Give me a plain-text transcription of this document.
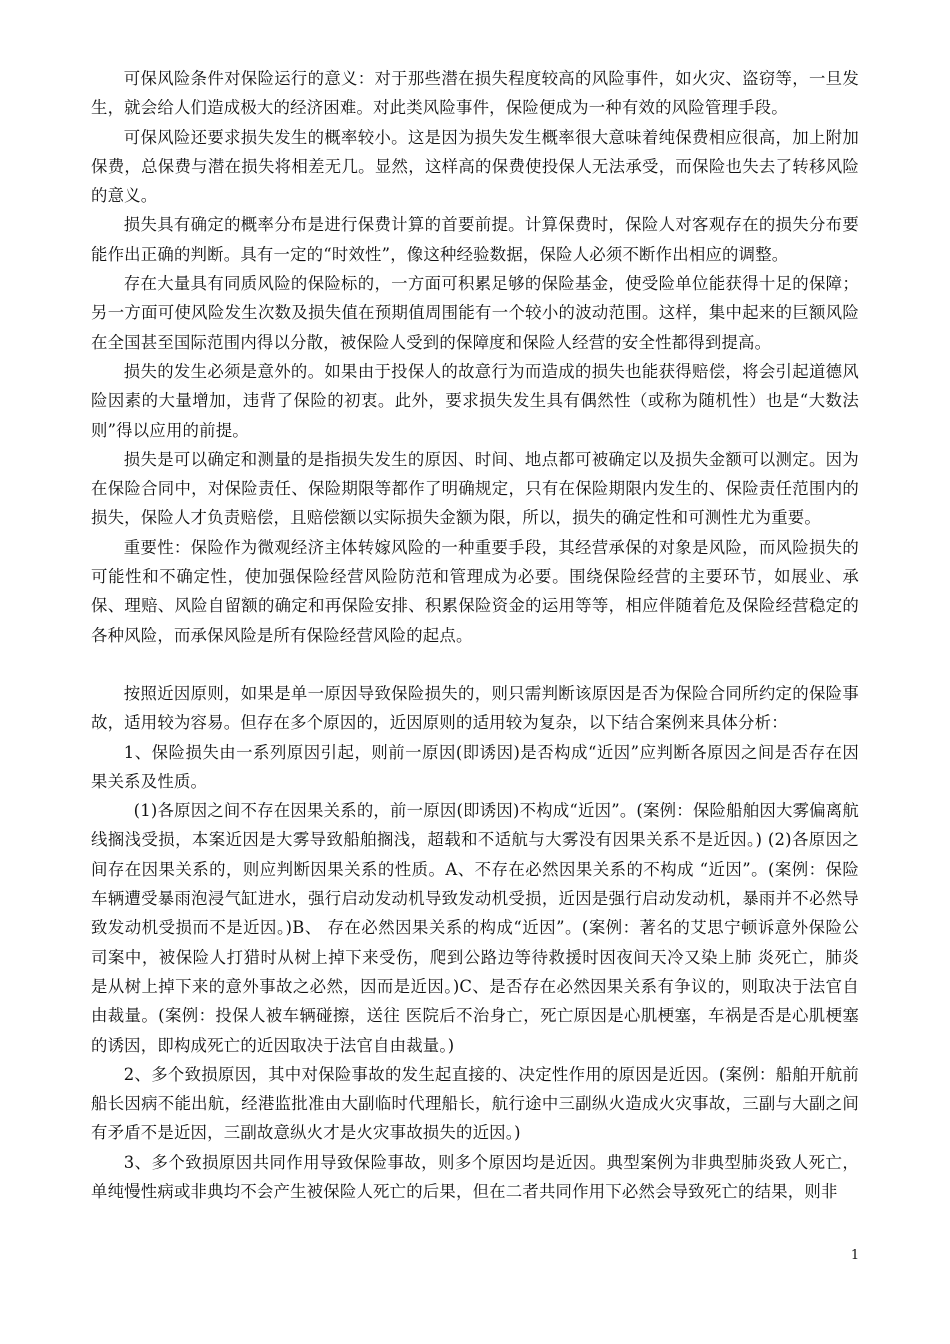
可保风险条件对保险运行的意义：对于那些潜在损失程度较高的风险事件，如火灾、盗窃等，一旦发生，就会给人们造成极大的经济困难。对此类风险事件，保险便成为一种有效的风险管理手段。

可保风险还要求损失发生的概率较小。这是因为损失发生概率很大意味着纯保费相应很高，加上附加保费，总保费与潜在损失将相差无几。显然，这样高的保费使投保人无法承受，而保险也失去了转移风险的意义。

损失具有确定的概率分布是进行保费计算的首要前提。计算保费时，保险人对客观存在的损失分布要能作出正确的判断。具有一定的“时效性”，像这种经验数据，保险人必须不断作出相应的调整。

存在大量具有同质风险的保险标的，一方面可积累足够的保险基金，使受险单位能获得十足的保障；另一方面可使风险发生次数及损失值在预期值周围能有一个较小的波动范围。这样，集中起来的巨额风险在全国甚至国际范围内得以分散，被保险人受到的保障度和保险人经营的安全性都得到提高。

损失的发生必须是意外的。如果由于投保人的故意行为而造成的损失也能获得赔偿，将会引起道德风险因素的大量增加，违背了保险的初衷。此外，要求损失发生具有偶然性（或称为随机性）也是“大数法则”得以应用的前提。

损失是可以确定和测量的是指损失发生的原因、时间、地点都可被确定以及损失金额可以测定。因为在保险合同中，对保险责任、保险期限等都作了明确规定，只有在保险期限内发生的、保险责任范围内的损失，保险人才负责赔偿，且赔偿额以实际损失金额为限，所以，损失的确定性和可测性尤为重要。

重要性：保险作为微观经济主体转嫁风险的一种重要手段，其经营承保的对象是风险，而风险损失的可能性和不确定性，使加强保险经营风险防范和管理成为必要。围绕保险经营的主要环节，如展业、承保、理赔、风险自留额的确定和再保险安排、积累保险资金的运用等等，相应伴随着危及保险经营稳定的各种风险，而承保风险是所有保险经营风险的起点。

按照近因原则，如果是单一原因导致保险损失的，则只需判断该原因是否为保险合同所约定的保险事故，适用较为容易。但存在多个原因的，近因原则的适用较为复杂，以下结合案例来具体分析：

1、保险损失由一系列原因引起，则前一原因(即诱因)是否构成“近因”应判断各原因之间是否存在因果关系及性质。

(1)各原因之间不存在因果关系的，前一原因(即诱因)不构成“近因”。(案例：保险船舶因大雾偏离航线搁浅受损，本案近因是大雾导致船舶搁浅，超载和不适航与大雾没有因果关系不是近因。) (2)各原因之间存在因果关系的，则应判断因果关系的性质。A、不存在必然因果关系的不构成 “近因”。(案例：保险车辆遭受暴雨泡浸气缸进水，强行启动发动机导致发动机受损，近因是强行启动发动机，暴雨并不必然导致发动机受损而不是近因。)B、 存在必然因果关系的构成“近因”。(案例：著名的艾思宁顿诉意外保险公司案中，被保险人打猎时从树上掉下来受伤，爬到公路边等待救援时因夜间天冷又染上肺 炎死亡，肺炎是从树上掉下来的意外事故之必然，因而是近因。)C、是否存在必然因果关系有争议的，则取决于法官自由裁量。(案例：投保人被车辆碰擦，送往 医院后不治身亡，死亡原因是心肌梗塞，车祸是否是心肌梗塞的诱因，即构成死亡的近因取决于法官自由裁量。)

2、多个致损原因，其中对保险事故的发生起直接的、决定性作用的原因是近因。(案例：船舶开航前船长因病不能出航，经港监批准由大副临时代理船长，航行途中三副纵火造成火灾事故，三副与大副之间有矛盾不是近因，三副故意纵火才是火灾事故损失的近因。)

3、多个致损原因共同作用导致保险事故，则多个原因均是近因。典型案例为非典型肺炎致人死亡，单纯慢性病或非典均不会产生被保险人死亡的后果，但在二者共同作用下必然会导致死亡的结果，则非

1
